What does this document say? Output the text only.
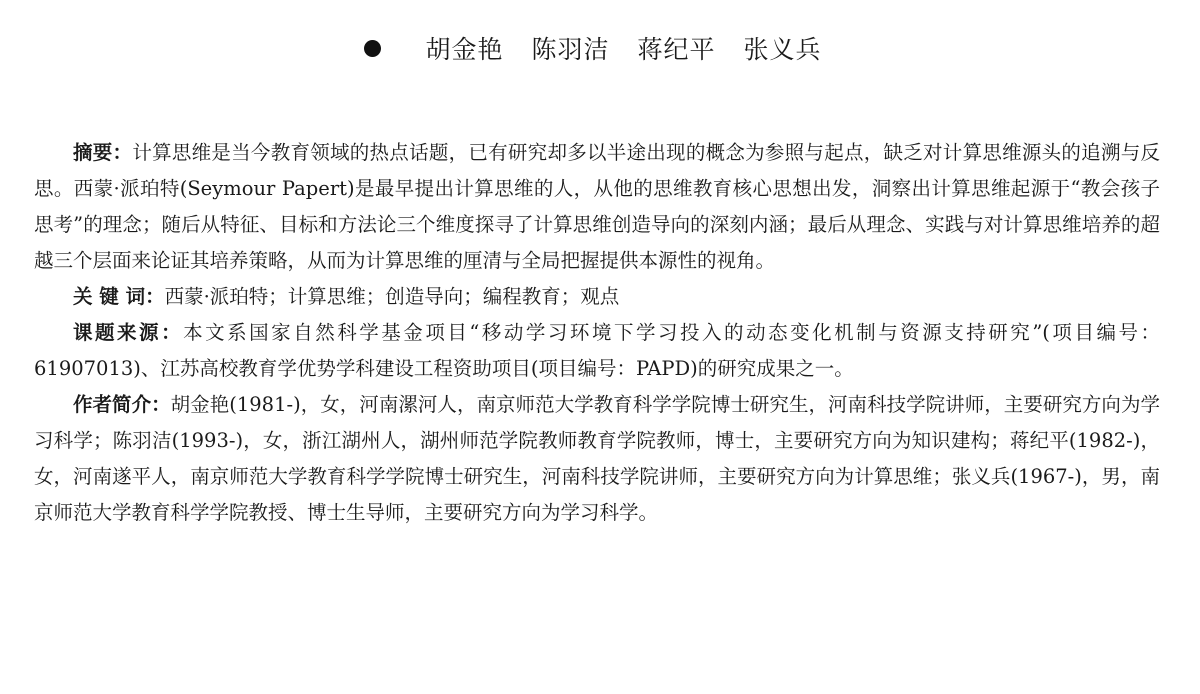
胡金艳 陈羽洁 蒋纪平 张义兵

摘要：计算思维是当今教育领域的热点话题，已有研究却多以半途出现的概念为参照与起点，缺乏对计算思维源头的追溯与反思。西蒙·派珀特(Seymour Papert)是最早提出计算思维的人，从他的思维教育核心思想出发，洞察出计算思维起源于“教会孩子思考”的理念；随后从特征、目标和方法论三个维度探寻了计算思维创造导向的深刻内涵；最后从理念、实践与对计算思维培养的超越三个层面来论证其培养策略，从而为计算思维的厘清与全局把握提供本源性的视角。

关 键 词：西蒙·派珀特；计算思维；创造导向；编程教育；观点

课题来源：本文系国家自然科学基金项目“移动学习环境下学习投入的动态变化机制与资源支持研究”(项目编号：61907013)、江苏高校教育学优势学科建设工程资助项目(项目编号：PAPD)的研究成果之一。

作者简介：胡金艳(1981-)，女，河南漯河人，南京师范大学教育科学学院博士研究生，河南科技学院讲师，主要研究方向为学习科学；陈羽洁(1993-)，女，浙江湖州人，湖州师范学院教师教育学院教师，博士，主要研究方向为知识建构；蒋纪平(1982-)，女，河南遂平人，南京师范大学教育科学学院博士研究生，河南科技学院讲师，主要研究方向为计算思维；张义兵(1967-)，男，南京师范大学教育科学学院教授、博士生导师，主要研究方向为学习科学。
